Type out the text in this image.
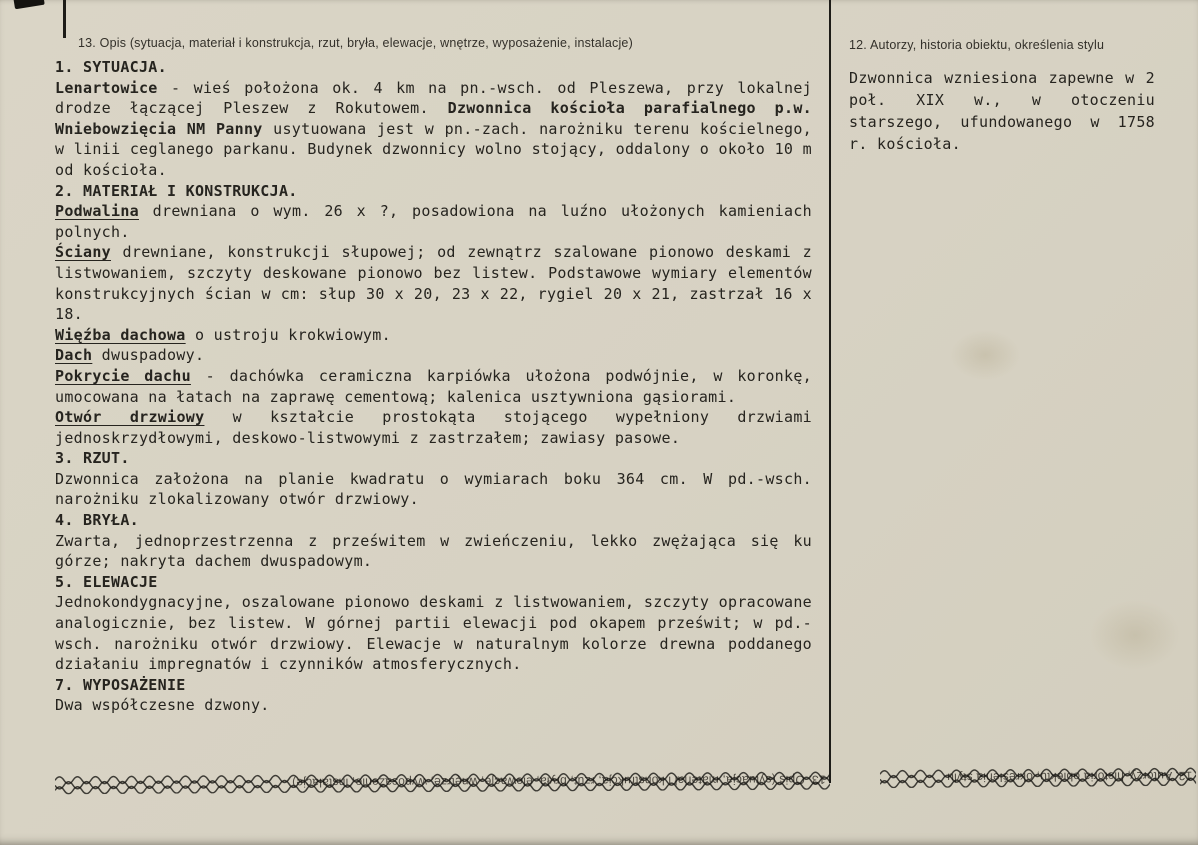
13. Opis (sytuacja, materiał i konstrukcja, rzut, bryła, elewacje, wnętrze, wyposażenie, instalacje)
1. SYTUACJA.
Lenartowice - wieś położona ok. 4 km na pn.-wsch. od Pleszewa, przy lokalnej drodze łączącej Pleszew z Rokutowem. Dzwonnica kościoła parafialnego p.w. Wniebowzięcia NM Panny usytuowana jest w pn.-zach. narożniku terenu kościelnego, w linii ceglanego parkanu. Budynek dzwonnicy wolno stojący, oddalony o około 10 m od kościoła.
2. MATERIAŁ I KONSTRUKCJA.
Podwalina drewniana o wym. 26 x ?, posadowiona na luźno ułożonych kamieniach polnych.
Ściany drewniane, konstrukcji słupowej; od zewnątrz szalowane pionowo deskami z listwowaniem, szczyty deskowane pionowo bez listew. Podstawowe wymiary elementów konstrukcyjnych ścian w cm: słup 30 x 20, 23 x 22, rygiel 20 x 21, zastrzał 16 x 18.
Więźba dachowa o ustroju krokwiowym.
Dach dwuspadowy.
Pokrycie dachu - dachówka ceramiczna karpiówka ułożona podwójnie, w koronkę, umocowana na łatach na zaprawę cementową; kalenica usztywniona gąsiorami.
Otwór drzwiowy w kształcie prostokąta stojącego wypełniony drzwiami jednoskrzydłowymi, deskowo-listwowymi z zastrzałem; zawiasy pasowe.
3. RZUT.
Dzwonnica założona na planie kwadratu o wymiarach boku 364 cm. W pd.-wsch. narożniku zlokalizowany otwór drzwiowy.
4. BRYŁA.
Zwarta, jednoprzestrzenna z prześwitem w zwieńczeniu, lekko zwężająca się ku górze; nakryta dachem dwuspadowym.
5. ELEWACJE
Jednokondygnacyjne, oszalowane pionowo deskami z listwowaniem, szczyty opracowane analogicznie, bez listew. W górnej partii elewacji pod okapem prześwit; w pd.-wsch. narożniku otwór drzwiowy. Elewacje w naturalnym kolorze drewna poddanego działaniu impregnatów i czynników atmosferycznych.
7. WYPOSAŻENIE
Dwa współczesne dzwony.
12. Autorzy, historia obiektu, określenia stylu
Dzwonnica wzniesiona zapewne w 2 poł. XIX w., w otoczeniu starszego, ufundowanego w 1758 r. kościoła.
13. Opis (sytuacja, materiał i konstrukcja, rzut, bryła, elewacje, wnętrze, wyposażenie, instalacje)	12. Autorzy, historia obiektu, określenia stylu
